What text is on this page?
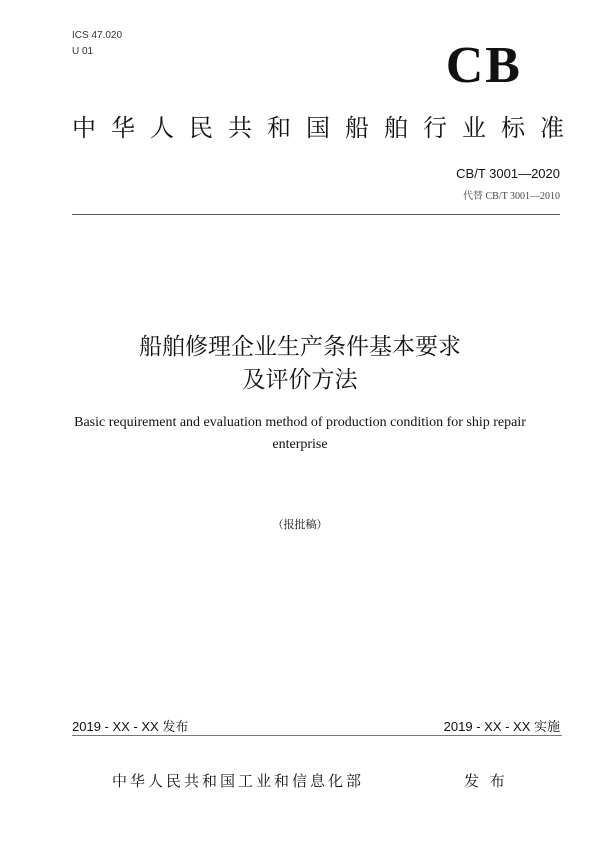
ICS 47.020
U 01	CB
中 华 人 民 共 和 国 船 舶 行 业 标 准
CB/T 3001—2020
代替 CB/T 3001—2010
船舶修理企业生产条件基本要求
及评价方法
Basic requirement and evaluation method of production condition for ship repair
enterprise
（报批稿）
2019 - XX - XX 发布	2019 - XX - XX 实施
中华人民共和国工业和信息化部	发 布
